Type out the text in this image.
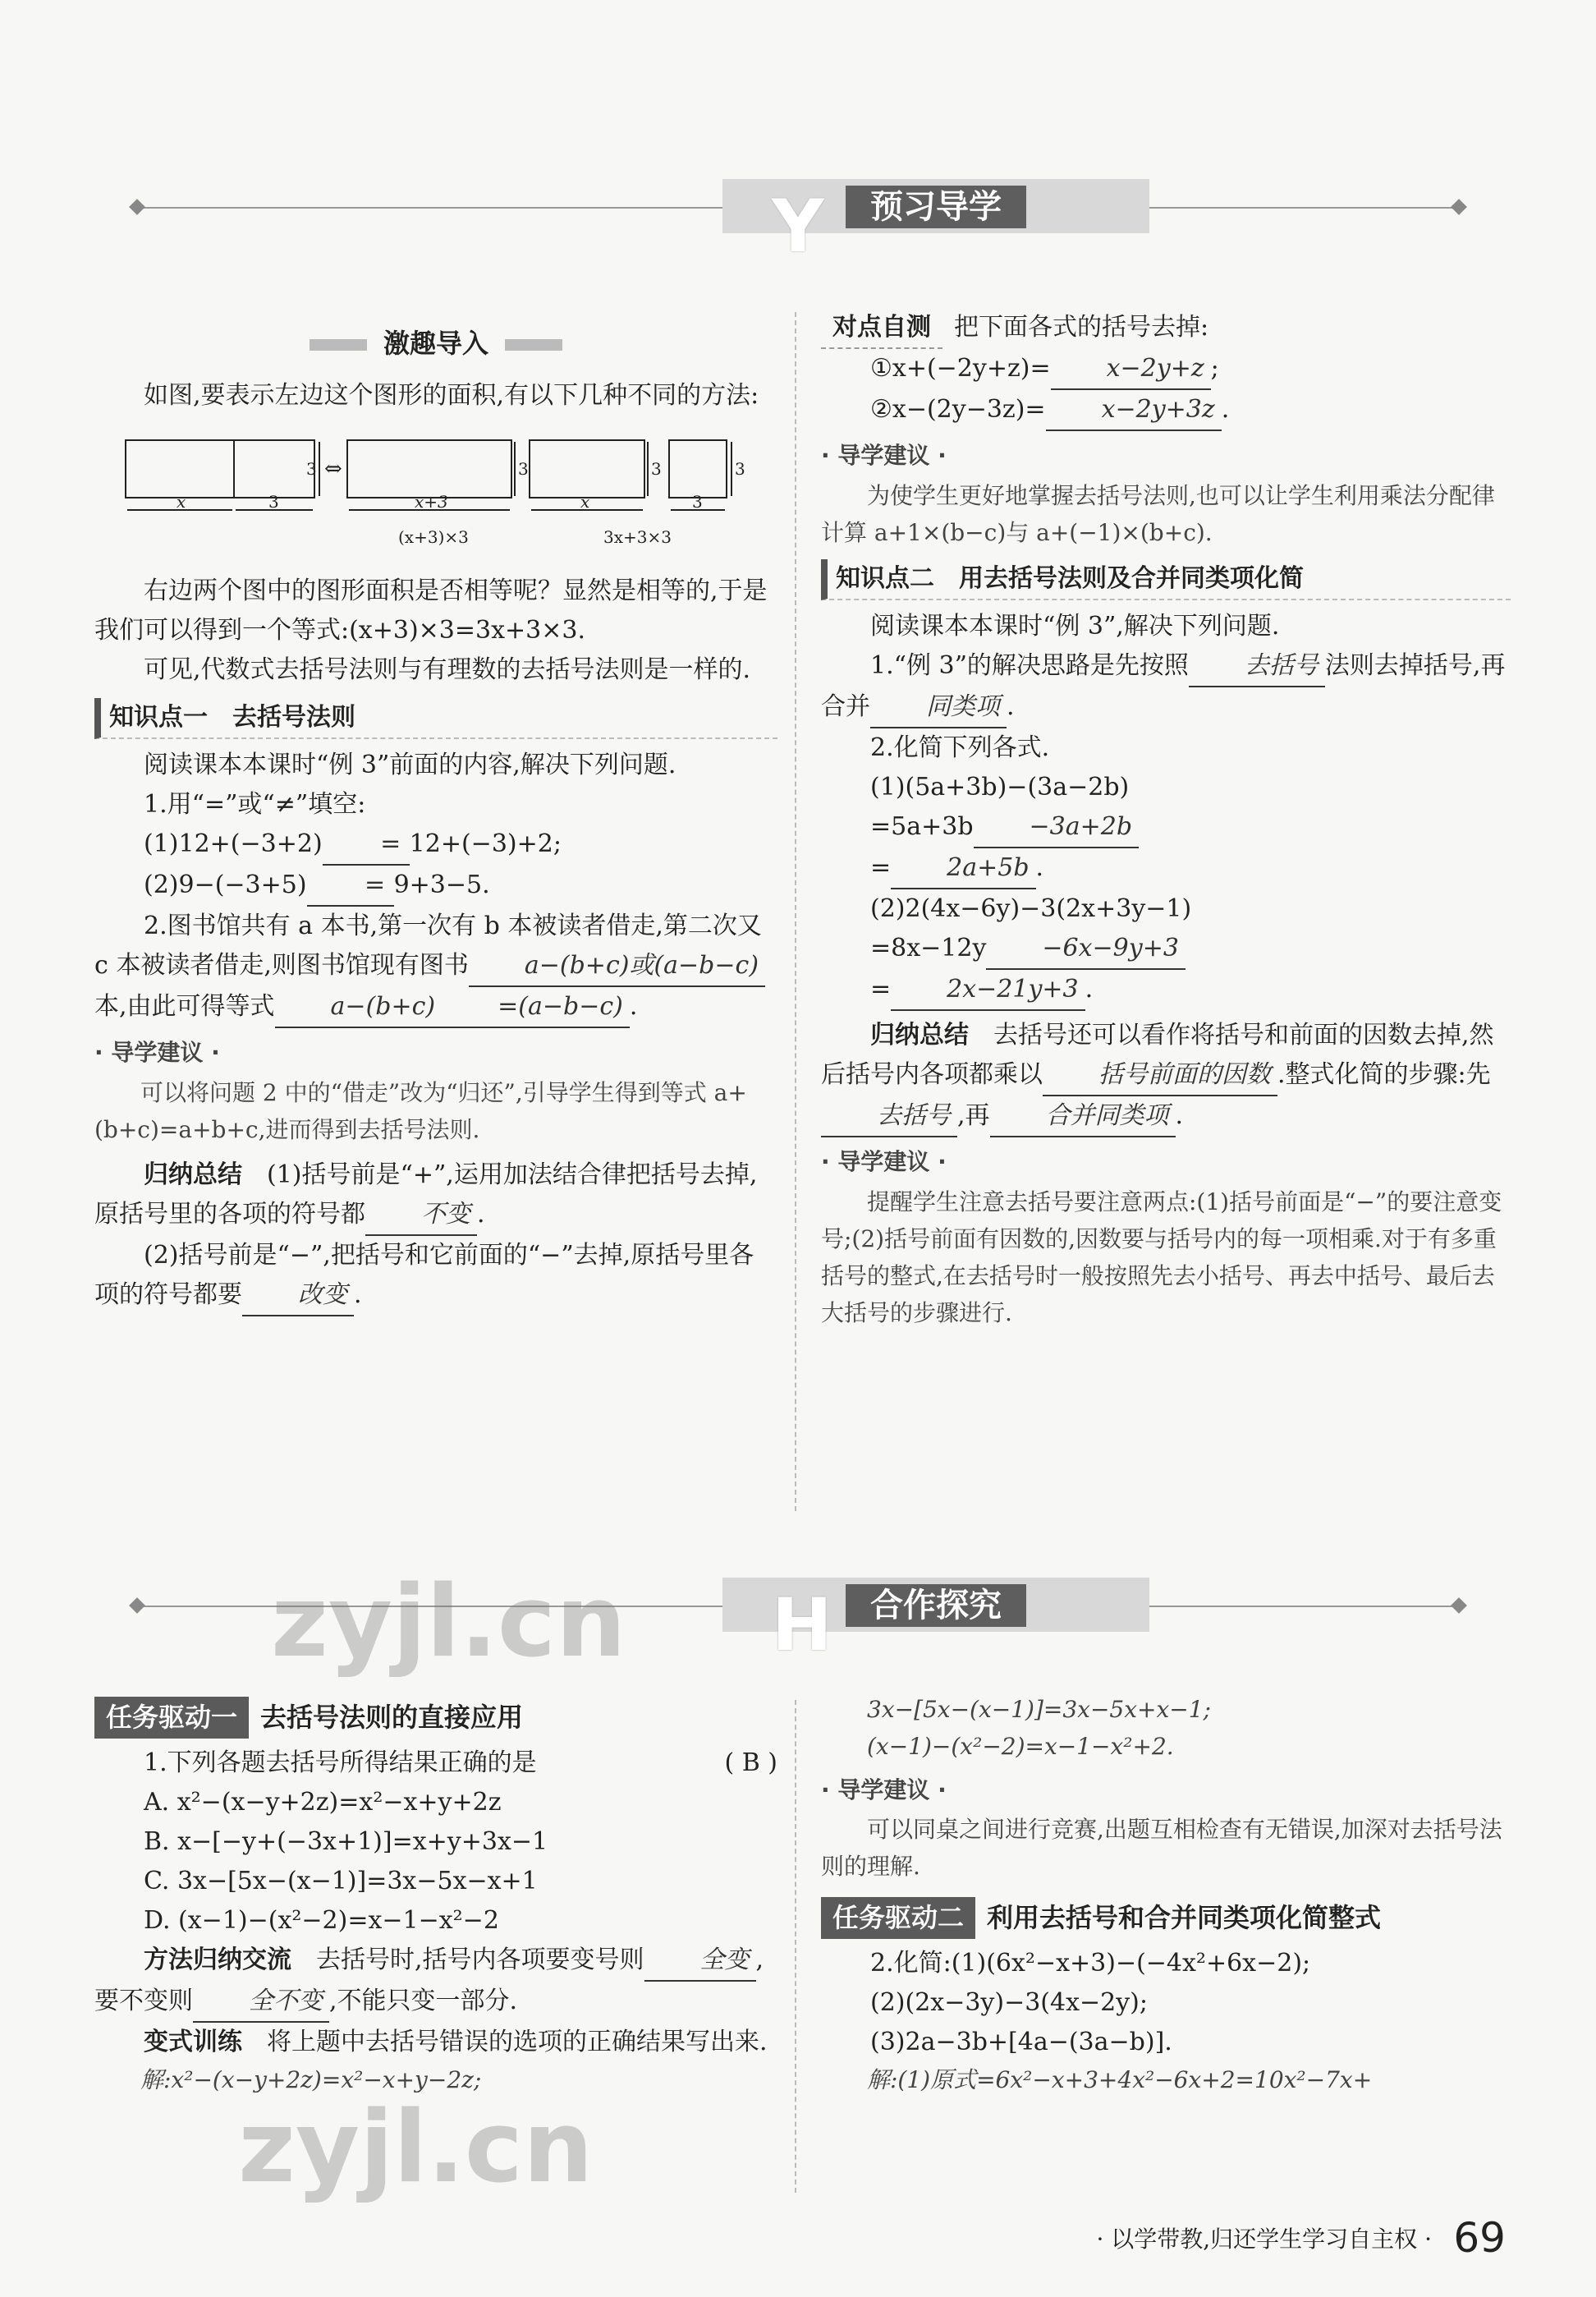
Y	预习导学
激趣导入

如图,要表示左边这个图形的面积,有以下几种不同的方法:

3
x	3
⇔	3
x+3
3
x
3
3
(x+3)×3	3x+3×3

右边两个图中的图形面积是否相等呢？显然是相等的,于是我们可以得到一个等式:(x+3)×3=3x+3×3.

可见,代数式去括号法则与有理数的去括号法则是一样的.

知识点一　去括号法则

阅读课本本课时“例 3”前面的内容,解决下列问题.

1.用“=”或“≠”填空:

(1)12+(−3+2) = 12+(−3)+2;

(2)9−(−3+5) = 9+3−5.

2.图书馆共有 a 本书,第一次有 b 本被读者借走,第二次又 c 本被读者借走,则图书馆现有图书 a−(b+c)或(a−b−c)本,由此可得等式 a−(b+c)	=(a−b−c) .

· 导学建议 ·

可以将问题 2 中的“借走”改为“归还”,引导学生得到等式 a+(b+c)=a+b+c,进而得到去括号法则.

归纳总结　 (1)括号前是“+”,运用加法结合律把括号去掉,原括号里的各项的符号都 不变 .

(2)括号前是“−”,把括号和它前面的“−”去掉,原括号里各项的符号都要 改变 .

对点自测 把下面各式的括号去掉:

①x+(−2y+z)= x−2y+z ;

②x−(2y−3z)= x−2y+3z .

· 导学建议 ·

为使学生更好地掌握去括号法则,也可以让学生利用乘法分配律计算 a+1×(b−c)与 a+(−1)×(b+c).

知识点二　用去括号法则及合并同类项化简

阅读课本本课时“例 3”,解决下列问题.

1.“例 3”的解决思路是先按照 去括号 法则去掉括号,再合并 同类项 .

2.化简下列各式.

(1)(5a+3b)−(3a−2b)

=5a+3b −3a+2b

= 2a+5b .

(2)2(4x−6y)−3(2x+3y−1)

=8x−12y −6x−9y+3

= 2x−21y+3 .

归纳总结　 去括号还可以看作将括号和前面的因数去掉,然后括号内各项都乘以 括号前面的因数 .整式化简的步骤:先去括号 ,再 合并同类项 .

· 导学建议 ·

提醒学生注意去括号要注意两点:(1)括号前面是“−”的要注意变号;(2)括号前面有因数的,因数要与括号内的每一项相乘.对于有多重括号的整式,在去括号时一般按照先去小括号、再去中括号、最后去大括号的步骤进行.

H	合作探究
任务驱动一 去括号法则的直接应用

1.下列各题去括号所得结果正确的是	( B )

A. x²−(x−y+2z)=x²−x+y+2z

B. x−[−y+(−3x+1)]=x+y+3x−1

C. 3x−[5x−(x−1)]=3x−5x−x+1

D. (x−1)−(x²−2)=x−1−x²−2

方法归纳交流　 去括号时,括号内各项要变号则 全变 ,要不变则 全不变 ,不能只变一部分.

变式训练　 将上题中去括号错误的选项的正确结果写出来.

解:x²−(x−y+2z)=x²−x+y−2z;

3x−[5x−(x−1)]=3x−5x+x−1;

(x−1)−(x²−2)=x−1−x²+2.

· 导学建议 ·

可以同桌之间进行竞赛,出题互相检查有无错误,加深对去括号法则的理解.

任务驱动二 利用去括号和合并同类项化简整式

2.化简:(1)(6x²−x+3)−(−4x²+6x−2);

(2)(2x−3y)−3(4x−2y);

(3)2a−3b+[4a−(3a−b)].

解:(1)原式=6x²−x+3+4x²−6x+2=10x²−7x+

zyjl.cn
zyjl.cn
· 以学带教,归还学生学习自主权 · 69
